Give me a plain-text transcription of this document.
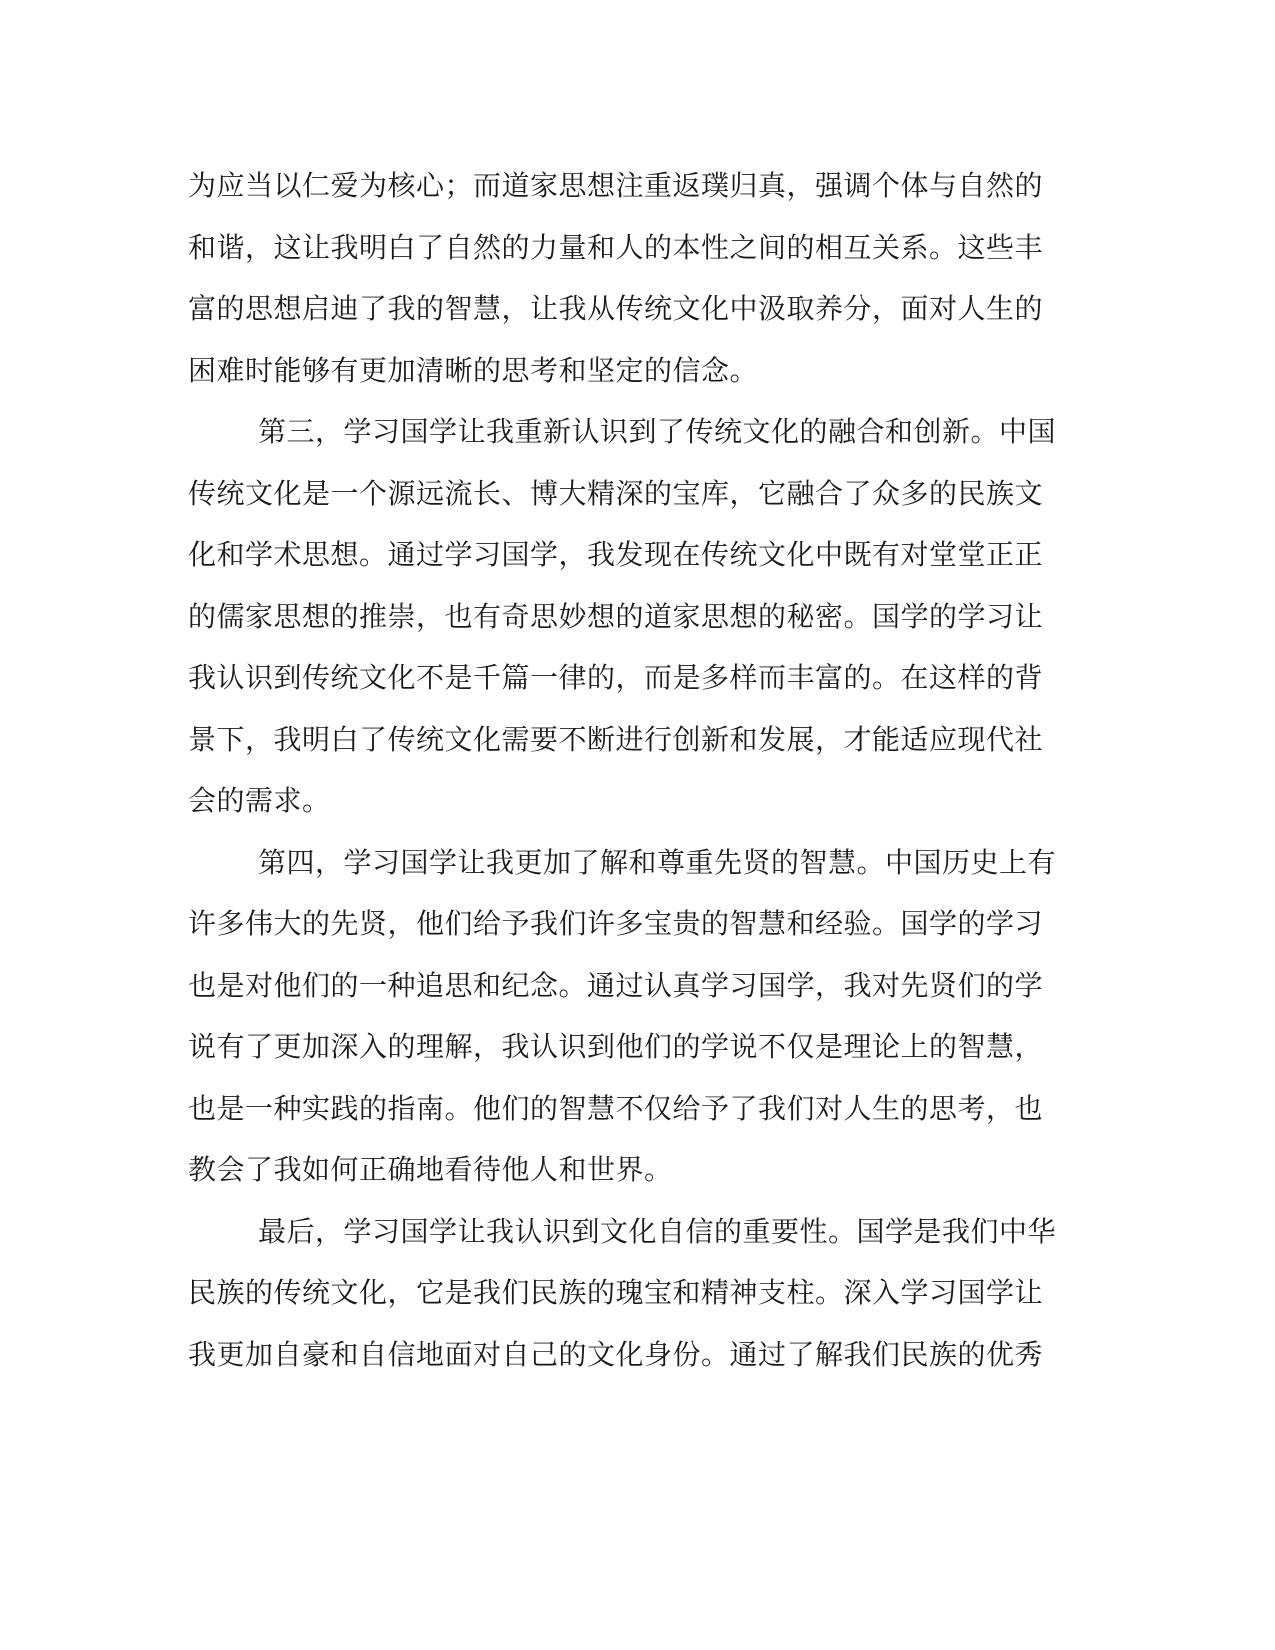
为应当以仁爱为核心；而道家思想注重返璞归真，强调个体与自然的
和谐，这让我明白了自然的力量和人的本性之间的相互关系。这些丰
富的思想启迪了我的智慧，让我从传统文化中汲取养分，面对人生的
困难时能够有更加清晰的思考和坚定的信念。
第三，学习国学让我重新认识到了传统文化的融合和创新。中国
传统文化是一个源远流长、博大精深的宝库，它融合了众多的民族文
化和学术思想。通过学习国学，我发现在传统文化中既有对堂堂正正
的儒家思想的推崇，也有奇思妙想的道家思想的秘密。国学的学习让
我认识到传统文化不是千篇一律的，而是多样而丰富的。在这样的背
景下，我明白了传统文化需要不断进行创新和发展，才能适应现代社
会的需求。
第四，学习国学让我更加了解和尊重先贤的智慧。中国历史上有
许多伟大的先贤，他们给予我们许多宝贵的智慧和经验。国学的学习
也是对他们的一种追思和纪念。通过认真学习国学，我对先贤们的学
说有了更加深入的理解，我认识到他们的学说不仅是理论上的智慧，
也是一种实践的指南。他们的智慧不仅给予了我们对人生的思考，也
教会了我如何正确地看待他人和世界。
最后，学习国学让我认识到文化自信的重要性。国学是我们中华
民族的传统文化，它是我们民族的瑰宝和精神支柱。深入学习国学让
我更加自豪和自信地面对自己的文化身份。通过了解我们民族的优秀
